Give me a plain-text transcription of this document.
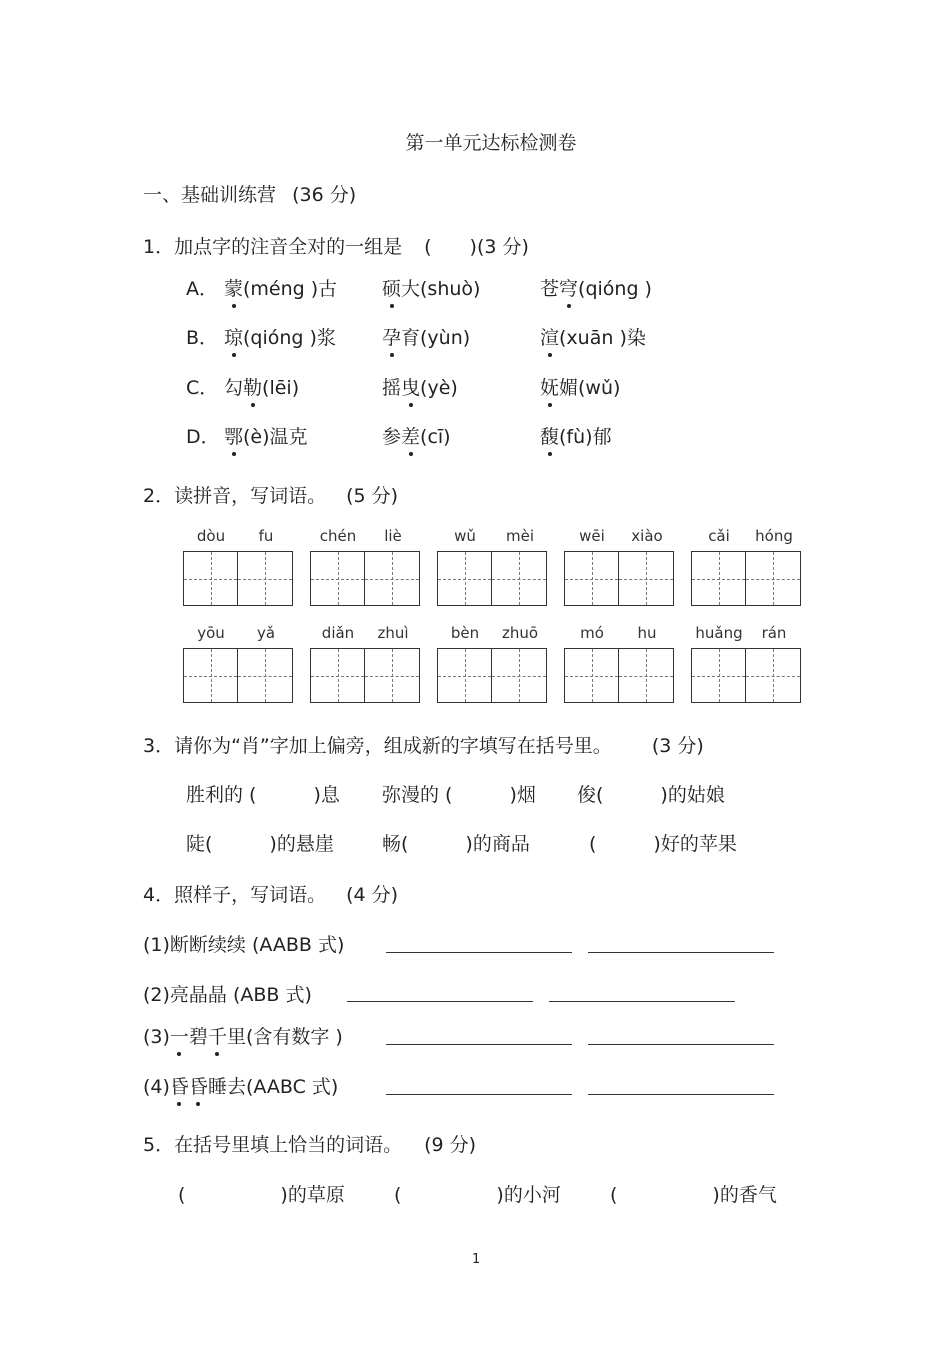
第一单元达标检测卷
一、基础训练营 (36 分)
1．加点字的注音全对的一组是 (　　)(3 分)
A． 蒙(méng )古 硕大(shuò)	苍穹(qióng )
B． 琼(qióng )浆 孕育(yùn)	渲(xuān )染
C． 勾勒(lēi)	摇曳(yè)	妩媚(wǔ)
D． 鄂(è)温克	参差(cī)	馥(fù)郁
2．读拼音，写词语。 (5 分)
dòu	fu	chén	liè	wǔ	mèi	wēi	xiào	cǎi	hóng
yōu	yǎ	diǎn	zhuì	bèn	zhuō	mó	hu	huǎng	rán
3．请你为“肖”字加上偏旁，组成新的字填写在括号里。 (3 分)
胜利的 (　　　)息 弥漫的 (　　　)烟 俊(　　　)的姑娘
陡(　　　)的悬崖	畅(　　　)的商品	(　　　)好的苹果
4．照样子，写词语。 (4 分)
(1)断断续续 (AABB 式)
(2)亮晶晶 (ABB 式)
(3)一碧千里(含有数字 )
(4)昏昏睡去(AABC 式)
5．在括号里填上恰当的词语。 (9 分)
(　　　　　)的草原	(　　　　　)的小河	(　　　　　)的香气
1
